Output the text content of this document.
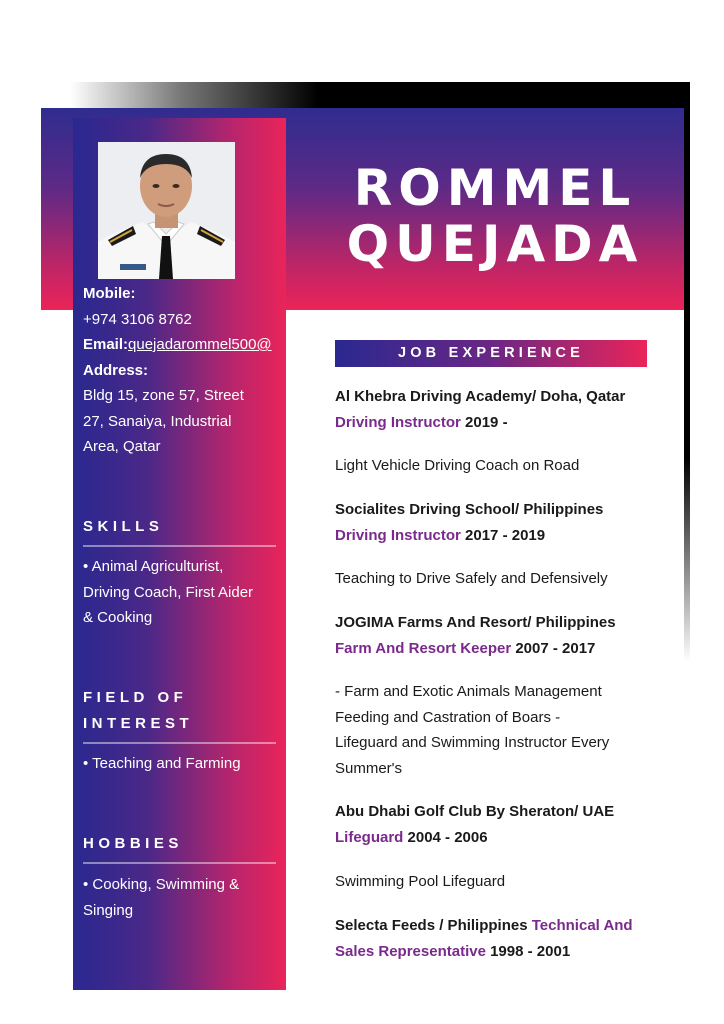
ROMMEL
QUEJADA
Mobile:
+974 3106 8762
Email:quejadarommel500@
Address:
Bldg 15, zone 57, Street
27, Sanaiya, Industrial
Area, Qatar
SKILLS
• Animal Agriculturist,
Driving Coach, First Aider
& Cooking
FIELD OF
INTEREST
• Teaching and Farming
HOBBIES
• Cooking, Swimming &
Singing
JOB EXPERIENCE
Al Khebra Driving Academy/ Doha, Qatar
Driving Instructor 2019 -
Light Vehicle Driving Coach on Road
Socialites Driving School/ Philippines
Driving Instructor 2017 - 2019
Teaching to Drive Safely and Defensively
JOGIMA Farms And Resort/ Philippines
Farm And Resort Keeper 2007 - 2017
- Farm and Exotic Animals Management
Feeding and Castration of Boars -
Lifeguard and Swimming Instructor Every
Summer's
Abu Dhabi Golf Club By Sheraton/ UAE
Lifeguard 2004 - 2006
Swimming Pool Lifeguard
Selecta Feeds / Philippines Technical And
Sales Representative 1998 - 2001
